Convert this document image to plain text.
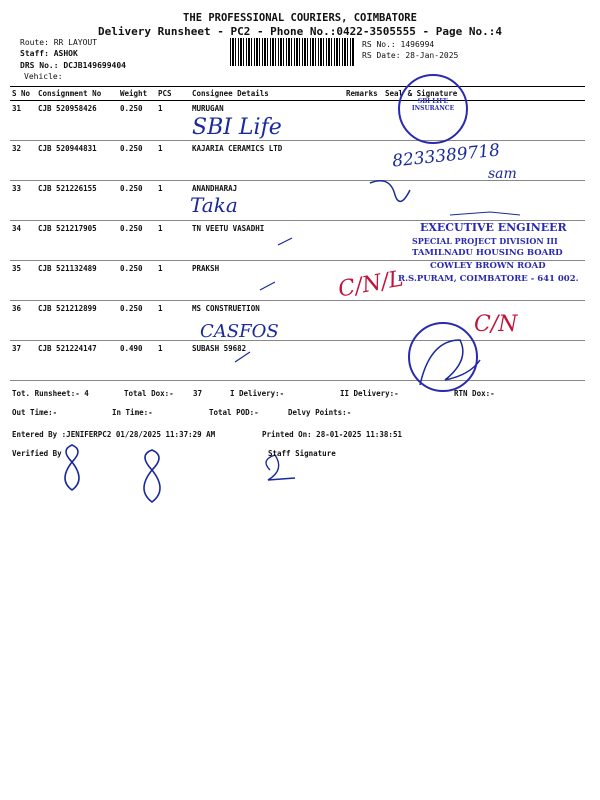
THE PROFESSIONAL COURIERS, COIMBATORE
Delivery Runsheet - PC2 - Phone No.:0422-3505555 - Page No.:4
Route: RR LAYOUT
Staff: ASHOK
DRS No.: DCJB149699404
Vehicle:
RS No.: 1496994
RS Date: 28-Jan-2025
S No	Consignment No	Weight	PCS	Consignee Details	Remarks	Seal & Signature
31	CJB 520958426	0.250	1	MURUGAN		
32	CJB 520944831	0.250	1	KAJARIA CERAMICS LTD		
33	CJB 521226155	0.250	1	ANANDHARAJ		
34	CJB 521217905	0.250	1	TN VEETU VASADHI		
35	CJB 521132489	0.250	1	PRAKSH		
36	CJB 521212899	0.250	1	MS CONSTRUETION		
37	CJB 521224147	0.490	1	SUBASH 59682		
SBI Life
8233389718
sam
Taka
C/N/L
CASFOS	C/N
SBI LIFE INSURANCE
EXECUTIVE ENGINEER
SPECIAL PROJECT DIVISION III
TAMILNADU HOUSING BOARD
COWLEY BROWN ROAD
R.S.PURAM, COIMBATORE - 641 002.
Tot. Runsheet:- 4	Total Dox:-	37	I Delivery:-	II Delivery:-	RTN Dox:-
Out Time:-	In Time:-	Total POD:-	Delvy Points:-
Entered By :JENIFERPC2 01/28/2025 11:37:29 AM	Printed On: 28-01-2025 11:38:51
Verified By	Staff Signature
